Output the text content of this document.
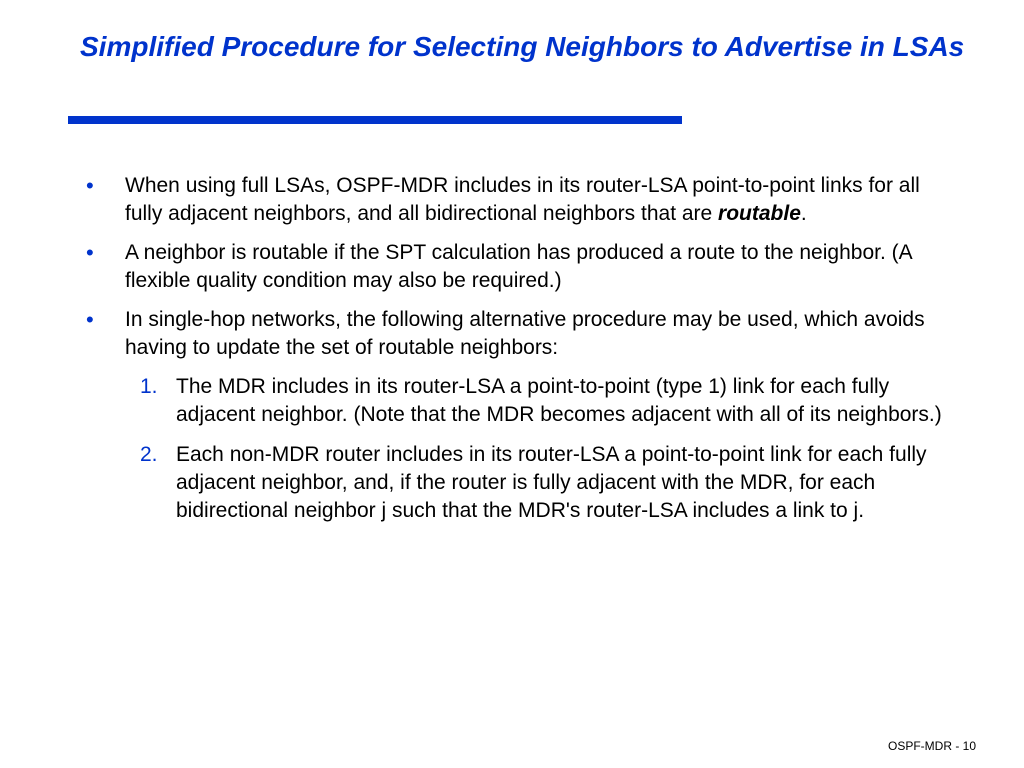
Simplified Procedure for Selecting Neighbors to Advertise in LSAs
• When using full LSAs, OSPF-MDR includes in its router-LSA point-to-point links for all fully adjacent neighbors, and all bidirectional neighbors that are routable.
• A neighbor is routable if the SPT calculation has produced a route to the neighbor. (A flexible quality condition may also be required.)
• In single-hop networks, the following alternative procedure may be used, which avoids having to update the set of routable neighbors:
1. The MDR includes in its router-LSA a point-to-point (type 1) link for each fully adjacent neighbor. (Note that the MDR becomes adjacent with all of its neighbors.)
2. Each non-MDR router includes in its router-LSA a point-to-point link for each fully adjacent neighbor, and, if the router is fully adjacent with the MDR, for each bidirectional neighbor j such that the MDR's router-LSA includes a link to j.
OSPF-MDR - 10
